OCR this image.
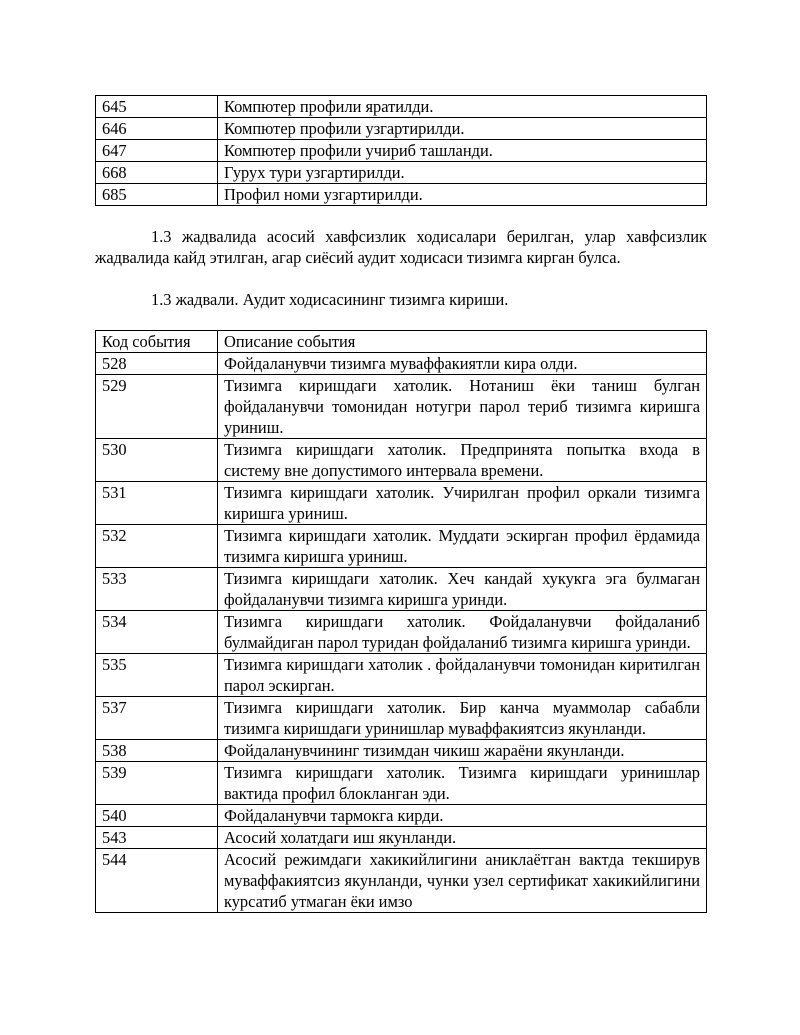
645	Компютер профили яратилди.
646	Компютер профили узгартирилди.
647	Компютер профили учириб ташланди.
668	Гурух тури узгартирилди.
685	Профил номи узгартирилди.

1.3 жадвалида асосий хавфсизлик ходисалари берилган, улар хавфсизлик жадвалида кайд этилган, агар сиёсий аудит ходисаси тизимга кирган булса.

1.3 жадвали. Аудит ходисасининг тизимга кириши.

Код события	Описание события
528	Фойдаланувчи тизимга муваффакиятли кира олди.
529	Тизимга киришдаги хатолик. Нотаниш ёки таниш булган фойдаланувчи томонидан нотугри парол териб тизимга киришга уриниш.
530	Тизимга киришдаги хатолик. Предпринята попытка входа в систему вне допустимого интервала времени.
531	Тизимга киришдаги хатолик. Учирилган профил оркали тизимга киришга уриниш.
532	Тизимга киришдаги хатолик. Муддати эскирган профил ёрдамида тизимга киришга уриниш.
533	Тизимга киришдаги хатолик. Хеч кандай хукукга эга булмаган фойдаланувчи тизимга киришга уринди.
534	Тизимга киришдаги хатолик. Фойдаланувчи фойдаланиб булмайдиган парол туридан фойдаланиб тизимга киришга уринди.
535	Тизимга киришдаги хатолик . фойдаланувчи томонидан киритилган парол эскирган.
537	Тизимга киришдаги хатолик. Бир канча муаммолар сабабли тизимга киришдаги уринишлар муваффакиятсиз якунланди.
538	Фойдаланувчининг тизимдан чикиш жараёни якунланди.
539	Тизимга киришдаги хатолик. Тизимга киришдаги уринишлар вактида профил блокланган эди.
540	Фойдаланувчи тармокга кирди.
543	Асосий холатдаги иш якунланди.
544	Асосий режимдаги хакикийлигини аниклаётган вактда текширув муваффакиятсиз якунланди, чунки узел сертификат хакикийлигини курсатиб утмаган ёки имзо
